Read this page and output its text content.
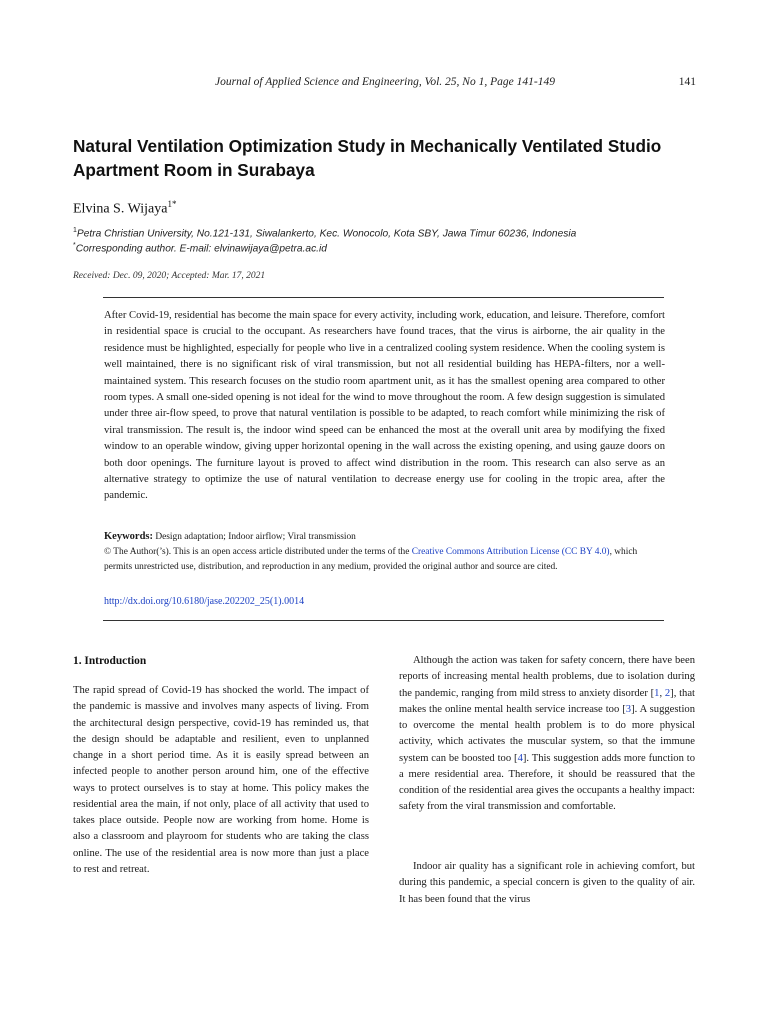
Journal of Applied Science and Engineering, Vol. 25, No 1, Page 141-149	141
Natural Ventilation Optimization Study in Mechanically Ventilated Studio Apartment Room in Surabaya
Elvina S. Wijaya$^{1*}$
$^1$Petra Christian University, No.121-131, Siwalankerto, Kec. Wonocolo, Kota SBY, Jawa Timur 60236, Indonesia
*Corresponding author. E-mail: elvinawijaya@petra.ac.id
Received: Dec. 09, 2020; Accepted: Mar. 17, 2021

After Covid-19, residential has become the main space for every activity, including work, education, and leisure. Therefore, comfort in residential space is crucial to the occupant. As researchers have found traces, that the virus is airborne, the air quality in the residence must be highlighted, especially for people who live in a centralized cooling system residence. When the cooling system is well maintained, there is no significant risk of viral transmission, but not all residential building has HEPA-filters, nor a well-maintained system. This research focuses on the studio room apartment unit, as it has the smallest opening area compared to other room types. A small one-sided opening is not ideal for the wind to move throughout the room. A few design suggestion is simulated under three air-flow speed, to prove that natural ventilation is possible to be adapted, to reach comfort while minimizing the risk of viral transmission. The result is, the indoor wind speed can be enhanced the most at the overall unit area by modifying the fixed window to an operable window, giving upper horizontal opening in the wall across the existing opening, and using gauze doors on both door openings. The furniture layout is proved to affect wind distribution in the room. This research can also serve as an alternative strategy to optimize the use of natural ventilation to decrease energy use for cooling in the tropic area, after the pandemic.

Keywords: Design adaptation; Indoor airflow; Viral transmission

© The Author(’s). This is an open access article distributed under the terms of the Creative Commons Attribution License (CC BY 4.0), which permits unrestricted use, distribution, and reproduction in any medium, provided the original author and source are cited.

http://dx.doi.org/10.6180/jase.202202_25(1).0014
1. Introduction

The rapid spread of Covid-19 has shocked the world. The impact of the pandemic is massive and involves many aspects of living. From the architectural design perspective, covid-19 has reminded us, that the design should be adaptable and resilient, even to unplanned change in a short period time. As it is easily spread between an infected people to another person around him, one of the effective ways to protect ourselves is to stay at home. This policy makes the residential area the main, if not only, place of all activity that used to takes place outside. People now are working from home. Home is also a classroom and playroom for students who are taking the class online. The use of the residential area is now more than just a place to rest and retreat.

Although the action was taken for safety concern, there have been reports of increasing mental health problems, due to isolation during the pandemic, ranging from mild stress to anxiety disorder [1, 2], that makes the online mental health service increase too [3]. A suggestion to overcome the mental health problem is to do more physical activity, which activates the muscular system, so that the immune system can be boosted too [4]. This suggestion adds more function to a mere residential area. Therefore, it should be reassured that the condition of the residential area gives the occupants a healthy impact: safety from the viral transmission and comfortable.

Indoor air quality has a significant role in achieving comfort, but during this pandemic, a special concern is given to the quality of air. It has been found that the virus
